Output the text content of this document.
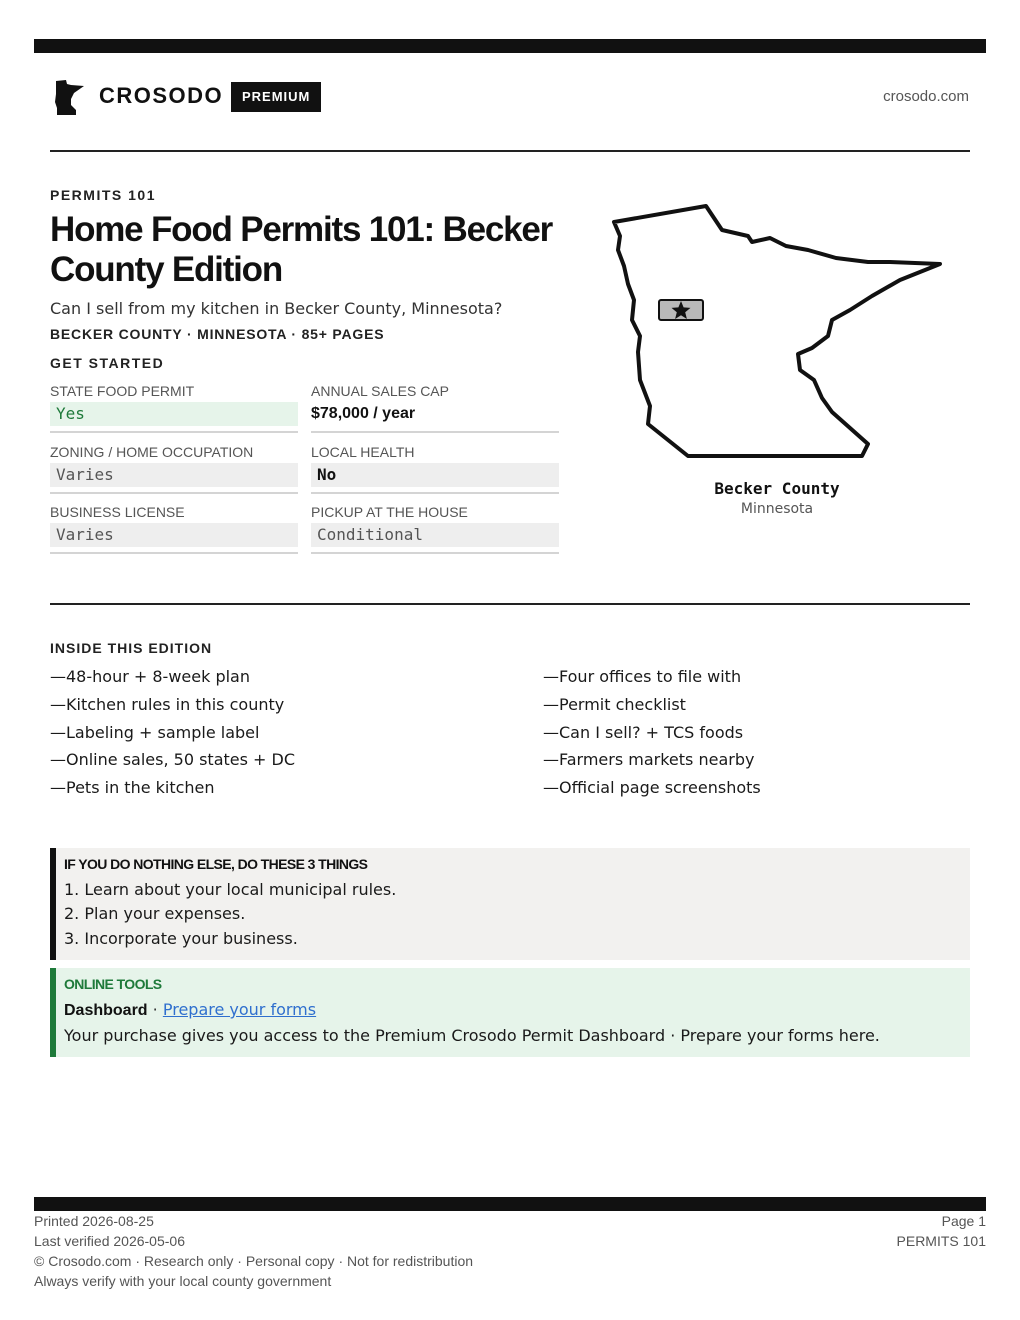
CROSODO	PREMIUM	crosodo.com
PERMITS 101
Home Food Permits 101: Becker County Edition
Can I sell from my kitchen in Becker County, Minnesota?
BECKER COUNTY · MINNESOTA · 85+ PAGES
GET STARTED
STATE FOOD PERMIT
Yes
ANNUAL SALES CAP
$78,000 / year
ZONING / HOME OCCUPATION
Varies
LOCAL HEALTH
No
BUSINESS LICENSE
Varies
PICKUP AT THE HOUSE
Conditional
Becker County
Minnesota
INSIDE THIS EDITION
—48-hour + 8-week plan
—Kitchen rules in this county
—Labeling + sample label
—Online sales, 50 states + DC
—Pets in the kitchen
—Four offices to file with
—Permit checklist
—Can I sell? + TCS foods
—Farmers markets nearby
—Official page screenshots
IF YOU DO NOTHING ELSE, DO THESE 3 THINGS
1. Learn about your local municipal rules.
2. Plan your expenses.
3. Incorporate your business.
ONLINE TOOLS
Dashboard · Prepare your forms
Your purchase gives you access to the Premium Crosodo Permit Dashboard · Prepare your forms here.
Printed 2026-08-25
Last verified 2026-05-06
© Crosodo.com · Research only · Personal copy · Not for redistribution
Always verify with your local county government
Page 1
PERMITS 101
